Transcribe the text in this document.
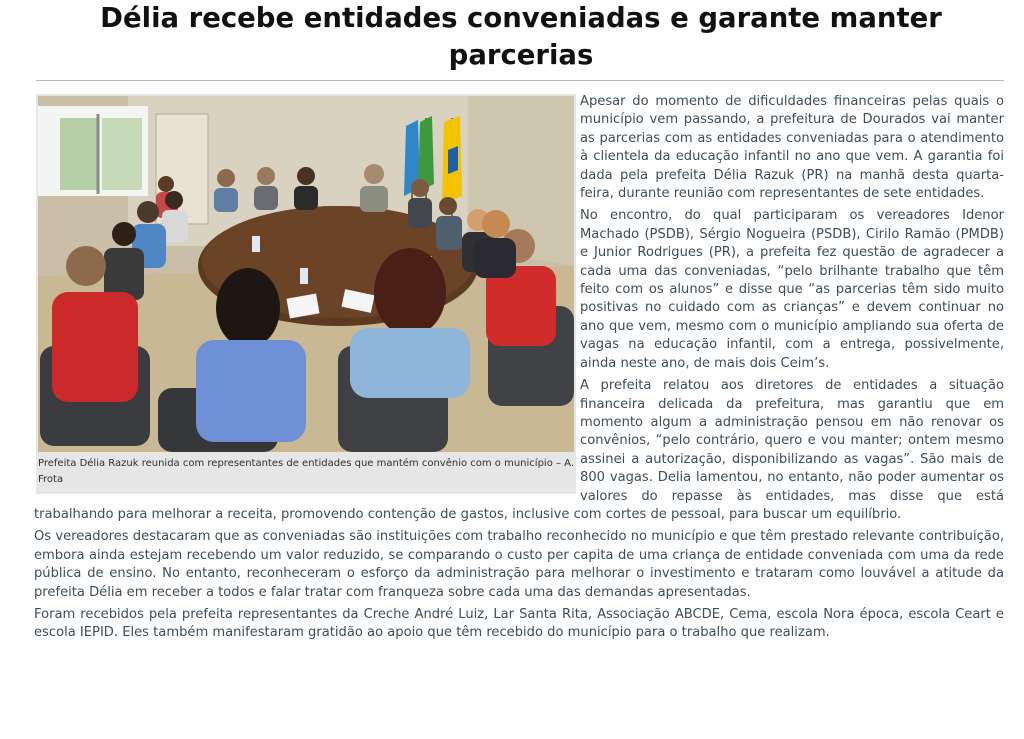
Délia recebe entidades conveniadas e garante manter parcerias
Prefeita Délia Razuk reunida com representantes de entidades que mantém convênio com o município – A. Frota

Apesar do momento de dificuldades financeiras pelas quais o município vem passando, a prefeitura de Dourados vai manter as parcerias com as entidades conveniadas para o atendimento à clientela da educação infantil no ano que vem. A garantia foi dada pela prefeita Délia Razuk (PR) na manhã desta quarta-feira, durante reunião com representantes de sete entidades.

No encontro, do qual participaram os vereadores Idenor Machado (PSDB), Sérgio Nogueira (PSDB), Cirilo Ramão (PMDB) e Junior Rodrigues (PR), a prefeita fez questão de agradecer a cada uma das conveniadas, “pelo brilhante trabalho que têm feito com os alunos” e disse que “as parcerias têm sido muito positivas no cuidado com as crianças” e devem continuar no ano que vem, mesmo com o município ampliando sua oferta de vagas na educação infantil, com a entrega, possivelmente, ainda neste ano, de mais dois Ceim’s.

A prefeita relatou aos diretores de entidades a situação financeira delicada da prefeitura, mas garantiu que em momento algum a administração pensou em não renovar os convênios, “pelo contrário, quero e vou manter; ontem mesmo assinei a autorização, disponibilizando as vagas”. São mais de 800 vagas. Delia lamentou, no entanto, não poder aumentar os valores do repasse às entidades, mas disse que está trabalhando para melhorar a receita, promovendo contenção de gastos, inclusive com cortes de pessoal, para buscar um equilíbrio.

Os vereadores destacaram que as conveniadas são instituições com trabalho reconhecido no município e que têm prestado relevante contribuição, embora ainda estejam recebendo um valor reduzido, se comparando o custo per capita de uma criança de entidade conveniada com uma da rede pública de ensino. No entanto, reconheceram o esforço da administração para melhorar o investimento e trataram como louvável a atitude da prefeita Délia em receber a todos e falar tratar com franqueza sobre cada uma das demandas apresentadas.

Foram recebidos pela prefeita representantes da Creche André Luiz, Lar Santa Rita, Associação ABCDE, Cema, escola Nora época, escola Ceart e escola IEPID. Eles também manifestaram gratidão ao apoio que têm recebido do município para o trabalho que realizam.
